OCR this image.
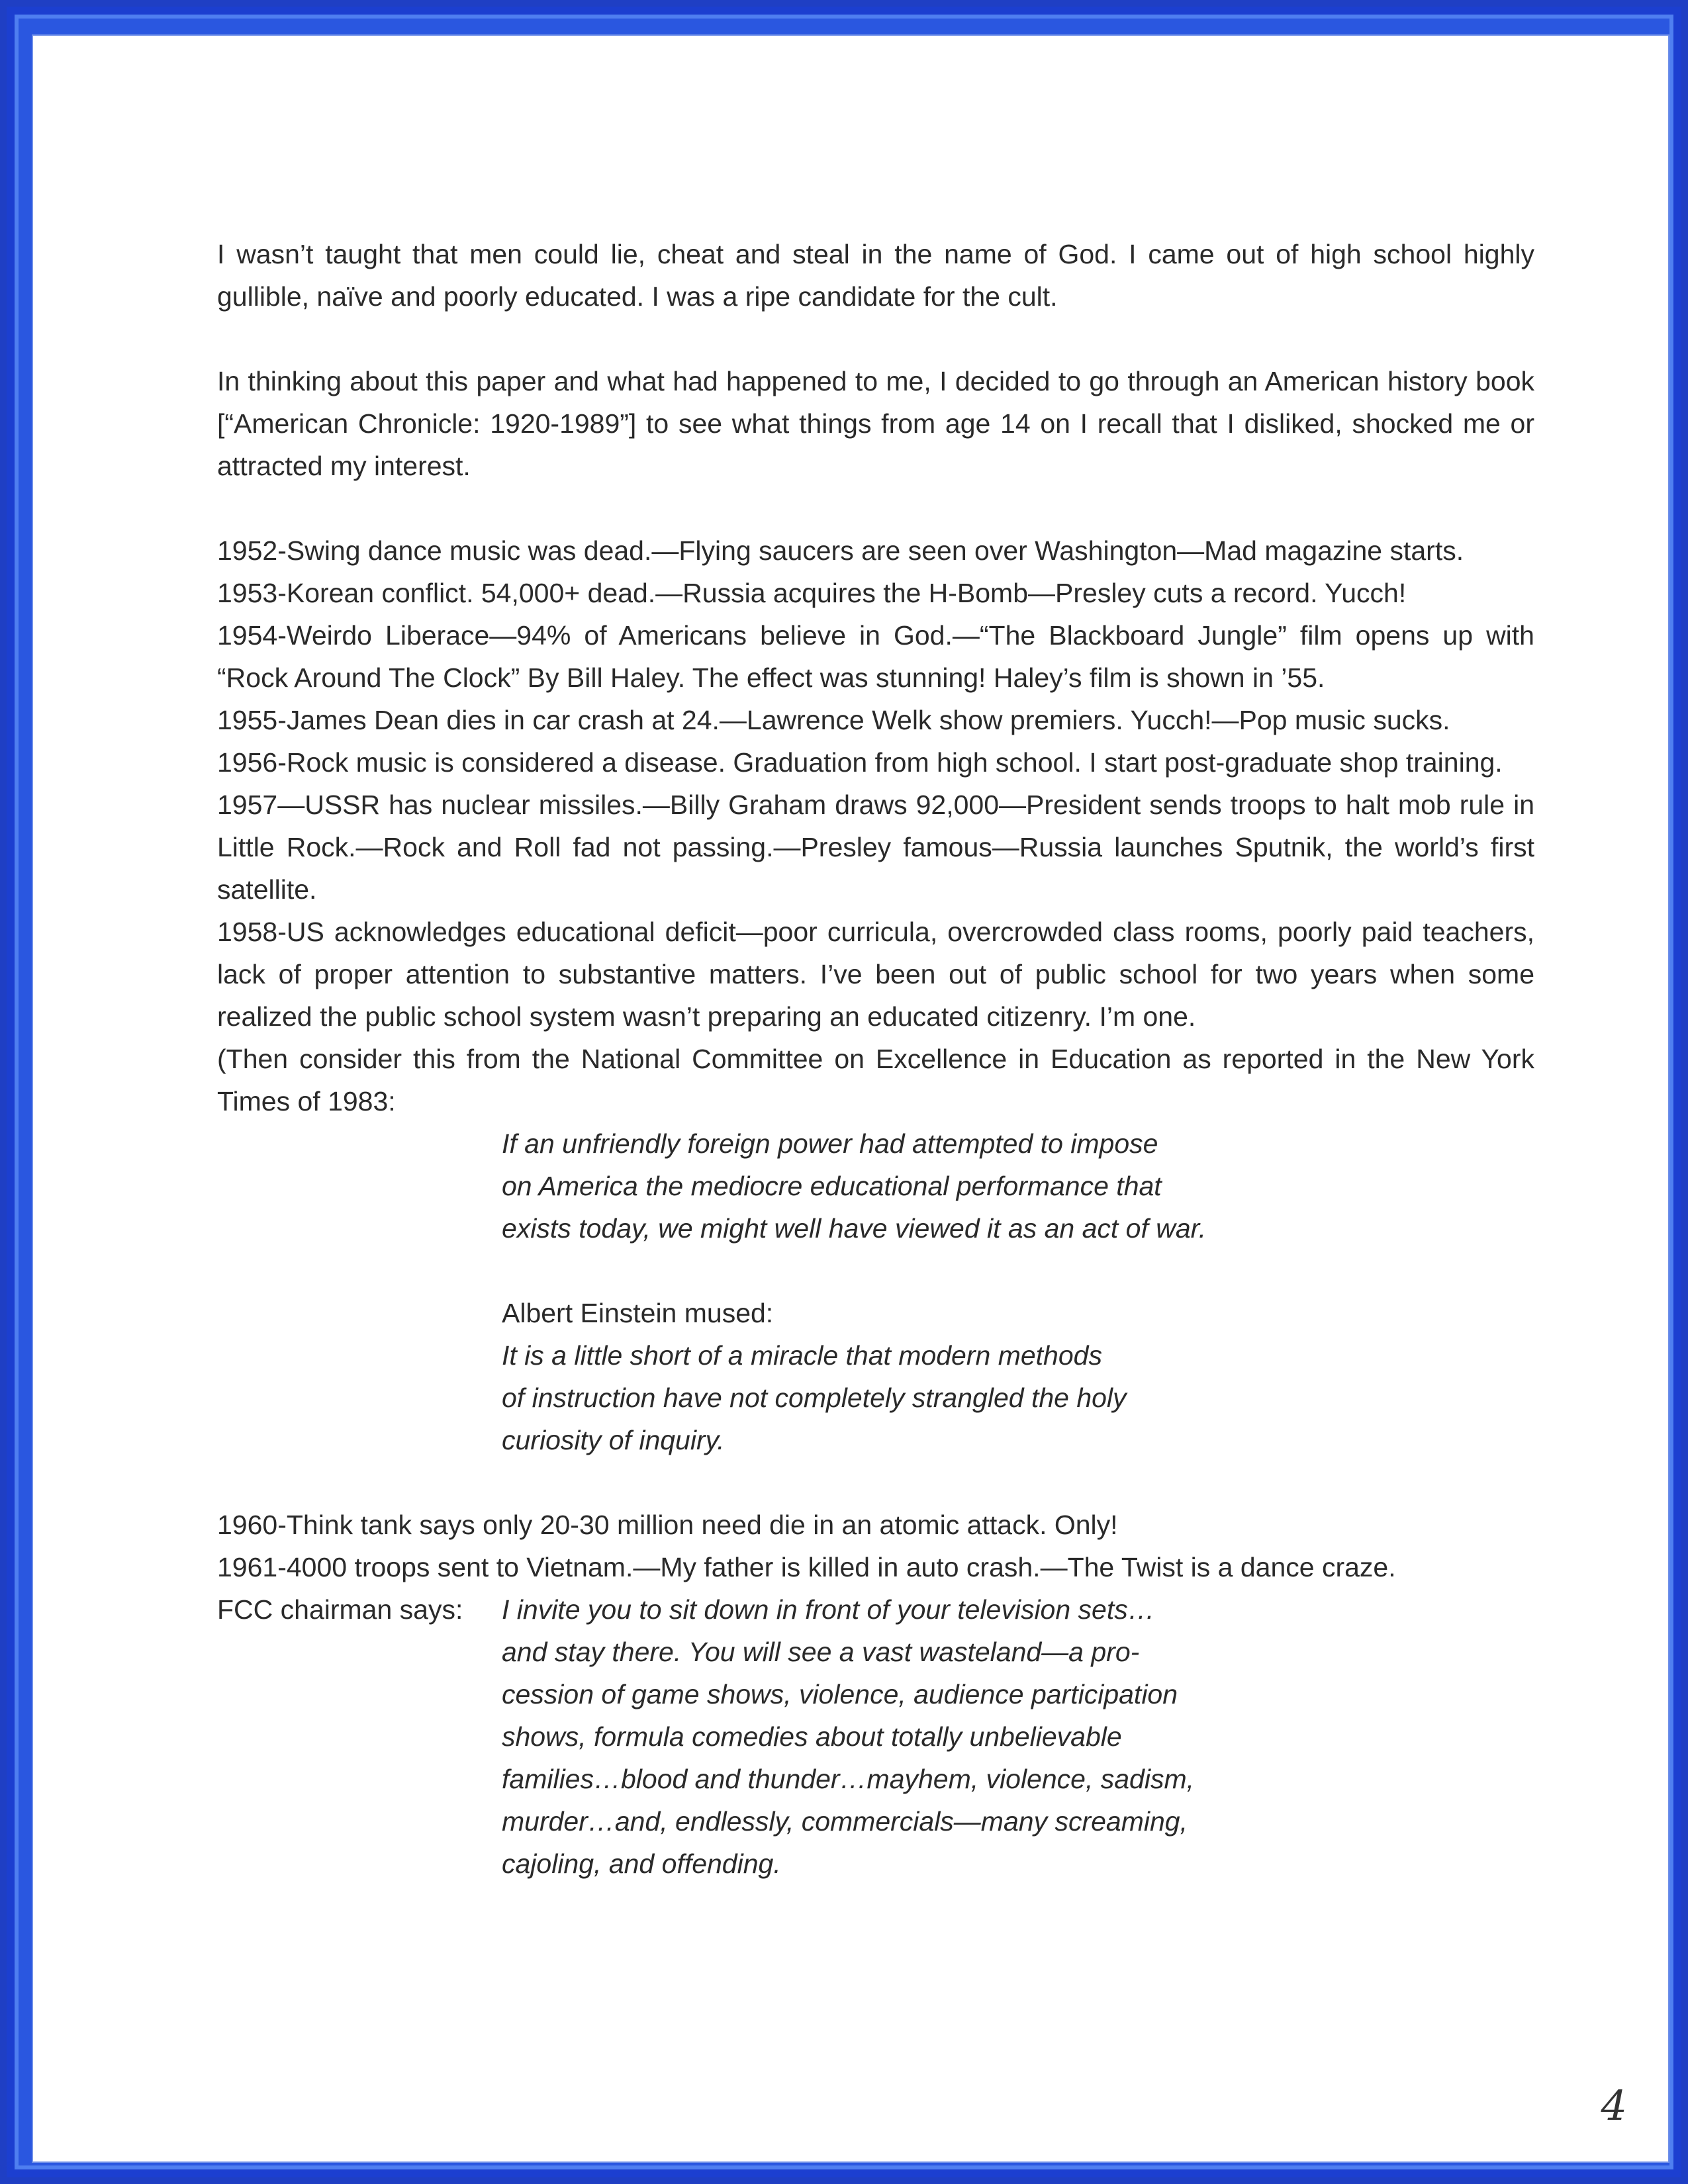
I wasn’t taught that men could lie, cheat and steal in the name of God. I came out of high school highly gullible, naïve and poorly educated. I was a ripe candidate for the cult.

In thinking about this paper and what had happened to me, I decided to go through an American history book [“American Chronicle: 1920-1989”] to see what things from age 14 on I recall that I disliked, shocked me or attracted my interest.

1952-Swing dance music was dead.—Flying saucers are seen over Washington—Mad magazine starts.

1953-Korean conflict. 54,000+ dead.—Russia acquires the H-Bomb—Presley cuts a record. Yucch!

1954-Weirdo Liberace—94% of Americans believe in God.—“The Blackboard Jungle” film opens up with “Rock Around The Clock” By Bill Haley. The effect was stunning! Haley’s film is shown in ’55.

1955-James Dean dies in car crash at 24.—Lawrence Welk show premiers. Yucch!—Pop music sucks.

1956-Rock music is considered a disease. Graduation from high school. I start post-graduate shop training.

1957—USSR has nuclear missiles.—Billy Graham draws 92,000—President sends troops to halt mob rule in Little Rock.—Rock and Roll fad not passing.—Presley famous—Russia launches Sputnik, the world’s first satellite.

1958-US acknowledges educational deficit—poor curricula, overcrowded class rooms, poorly paid teachers, lack of proper attention to substantive matters. I’ve been out of public school for two years when some realized the public school system wasn’t preparing an educated citizenry. I’m one.

(Then consider this from the National Committee on Excellence in Education as reported in the New York Times of 1983:

If an unfriendly foreign power had attempted to impose
on America the mediocre educational performance that
exists today, we might well have viewed it as an act of war.
Albert Einstein mused:
It is a little short of a miracle that modern methods
of instruction have not completely strangled the holy
curiosity of inquiry.

1960-Think tank says only 20-30 million need die in an atomic attack. Only!

1961-4000 troops sent to Vietnam.—My father is killed in auto crash.—The Twist is a dance craze.

FCC chairman says:	I invite you to sit down in front of your television sets…
and stay there. You will see a vast wasteland—a pro-
cession of game shows, violence, audience participation
shows, formula comedies about totally unbelievable
families…blood and thunder…mayhem, violence, sadism,
murder…and, endlessly, commercials—many screaming,
cajoling, and offending.
4
